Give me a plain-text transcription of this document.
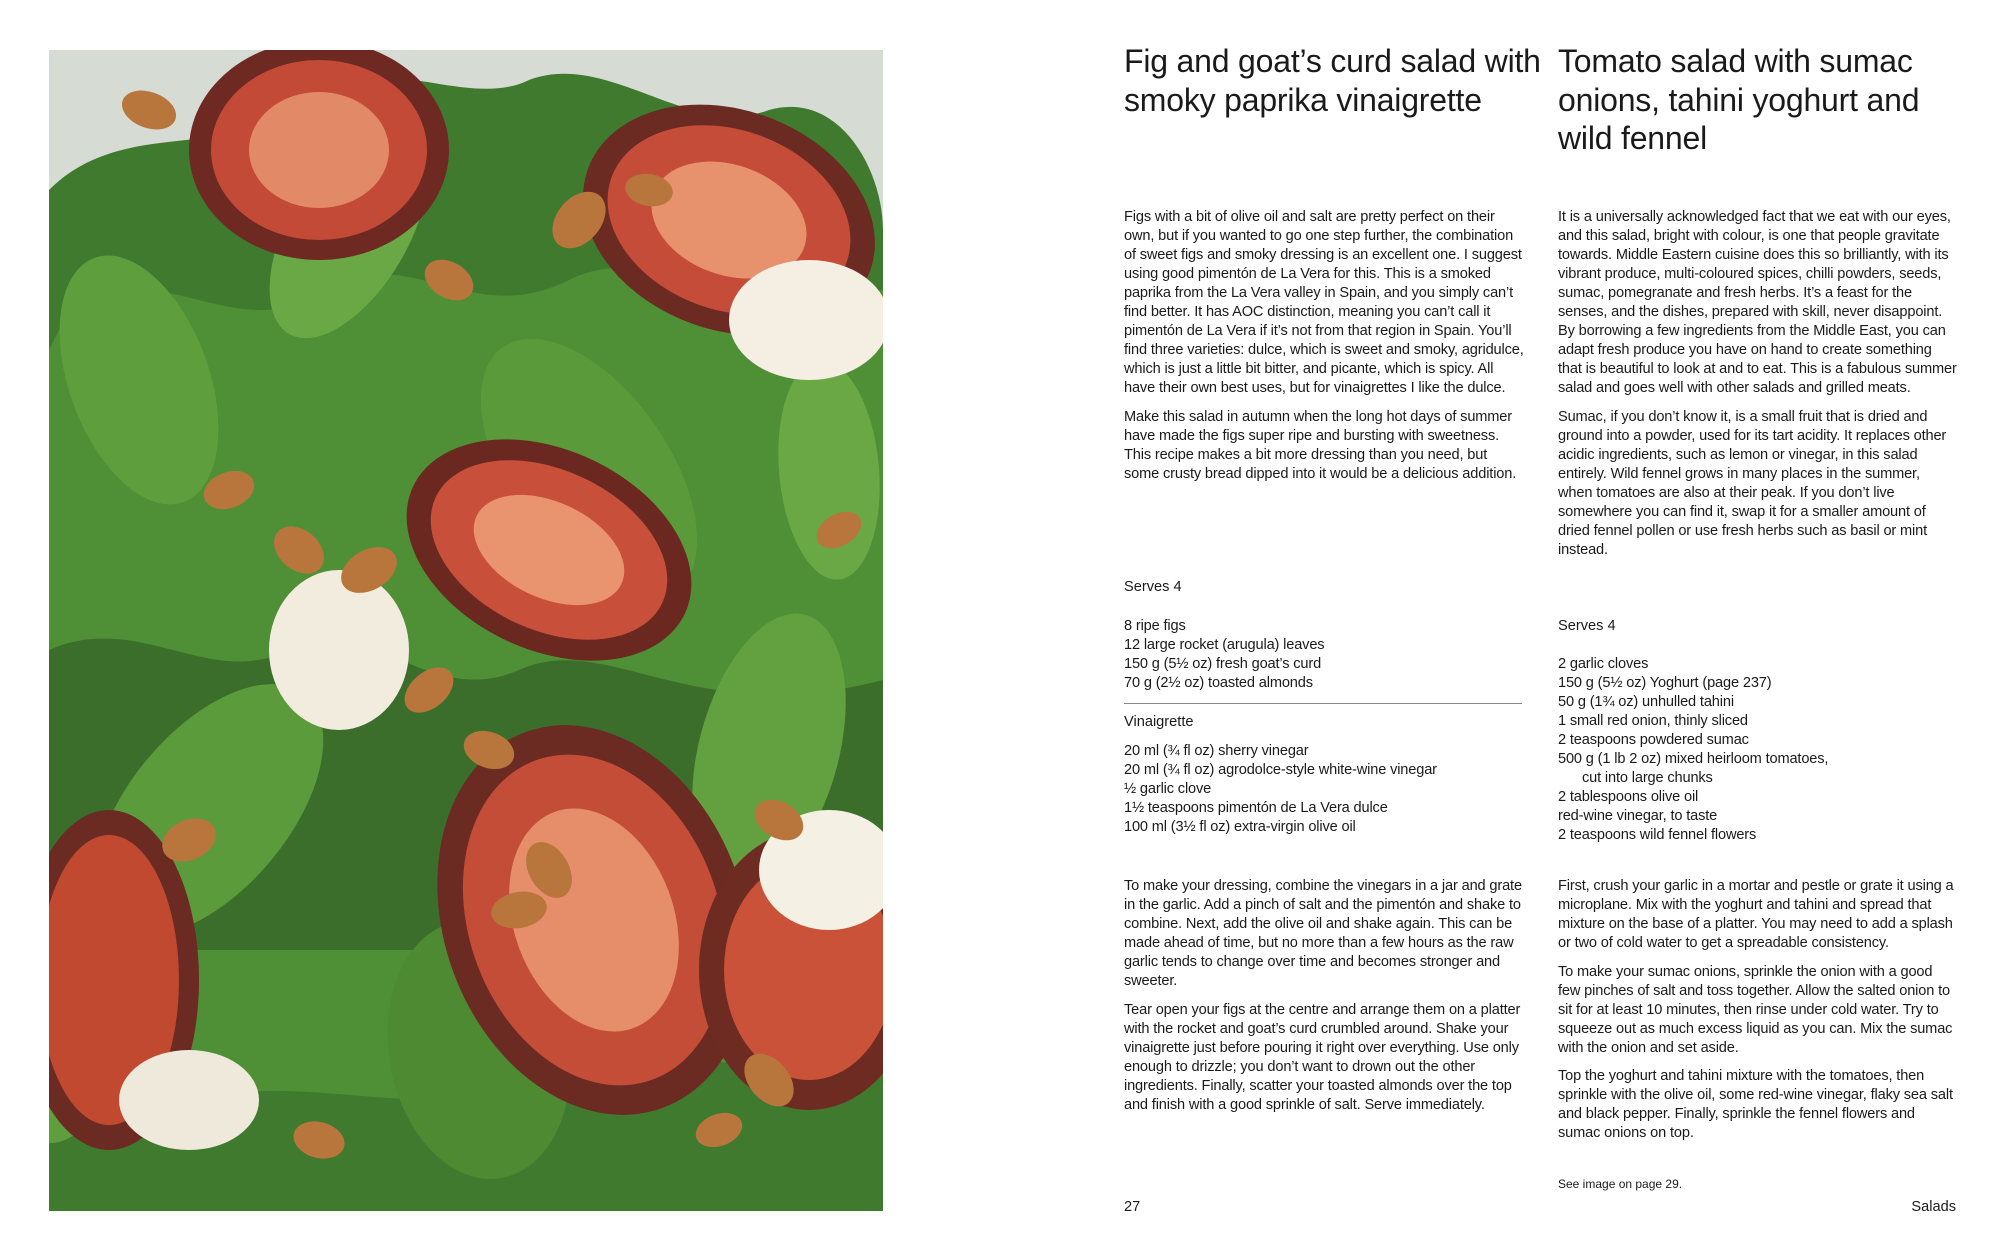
Fig and goat’s curd salad with smoky paprika vinaigrette

Figs with a bit of olive oil and salt are pretty perfect on their own, but if you wanted to go one step further, the combination of sweet figs and smoky dressing is an excellent one. I suggest using good pimentón de La Vera for this. This is a smoked paprika from the La Vera valley in Spain, and you simply can’t find better. It has AOC distinction, meaning you can’t call it pimentón de La Vera if it’s not from that region in Spain. You’ll find three varieties: dulce, which is sweet and smoky, agridulce, which is just a little bit bitter, and picante, which is spicy. All have their own best uses, but for vinaigrettes I like the dulce.

Make this salad in autumn when the long hot days of summer have made the figs super ripe and bursting with sweetness. This recipe makes a bit more dressing than you need, but some crusty bread dipped into it would be a delicious addition.

Serves 4
8 ripe figs
12 large rocket (arugula) leaves
150 g (5½ oz) fresh goat’s curd
70 g (2½ oz) toasted almonds
Vinaigrette
20 ml (¾ fl oz) sherry vinegar
20 ml (¾ fl oz) agrodolce-style white-wine vinegar
½ garlic clove
1½ teaspoons pimentón de La Vera dulce
100 ml (3½ fl oz) extra-virgin olive oil

To make your dressing, combine the vinegars in a jar and grate in the garlic. Add a pinch of salt and the pimentón and shake to combine. Next, add the olive oil and shake again. This can be made ahead of time, but no more than a few hours as the raw garlic tends to change over time and becomes stronger and sweeter.

Tear open your figs at the centre and arrange them on a platter with the rocket and goat’s curd crumbled around. Shake your vinaigrette just before pouring it right over everything. Use only enough to drizzle; you don’t want to drown out the other ingredients. Finally, scatter your toasted almonds over the top and finish with a good sprinkle of salt. Serve immediately.

Tomato salad with sumac onions, tahini yoghurt and wild fennel

It is a universally acknowledged fact that we eat with our eyes, and this salad, bright with colour, is one that people gravitate towards. Middle Eastern cuisine does this so brilliantly, with its vibrant produce, multi-coloured spices, chilli powders, seeds, sumac, pomegranate and fresh herbs. It’s a feast for the senses, and the dishes, prepared with skill, never disappoint. By borrowing a few ingredients from the Middle East, you can adapt fresh produce you have on hand to create something that is beautiful to look at and to eat. This is a fabulous summer salad and goes well with other salads and grilled meats.

Sumac, if you don’t know it, is a small fruit that is dried and ground into a powder, used for its tart acidity. It replaces other acidic ingredients, such as lemon or vinegar, in this salad entirely. Wild fennel grows in many places in the summer, when tomatoes are also at their peak. If you don’t live somewhere you can find it, swap it for a smaller amount of dried fennel pollen or use fresh herbs such as basil or mint instead.

Serves 4
2 garlic cloves
150 g (5½ oz) Yoghurt (page 237)
50 g (1¾ oz) unhulled tahini
1 small red onion, thinly sliced
2 teaspoons powdered sumac
500 g (1 lb 2 oz) mixed heirloom tomatoes,
cut into large chunks
2 tablespoons olive oil
red-wine vinegar, to taste
2 teaspoons wild fennel flowers

First, crush your garlic in a mortar and pestle or grate it using a microplane. Mix with the yoghurt and tahini and spread that mixture on the base of a platter. You may need to add a splash or two of cold water to get a spreadable consistency.

To make your sumac onions, sprinkle the onion with a good few pinches of salt and toss together. Allow the salted onion to sit for at least 10 minutes, then rinse under cold water. Try to squeeze out as much excess liquid as you can. Mix the sumac with the onion and set aside.

Top the yoghurt and tahini mixture with the tomatoes, then sprinkle with the olive oil, some red-wine vinegar, flaky sea salt and black pepper. Finally, sprinkle the fennel flowers and sumac onions on top.

See image on page 29.
27	Salads
